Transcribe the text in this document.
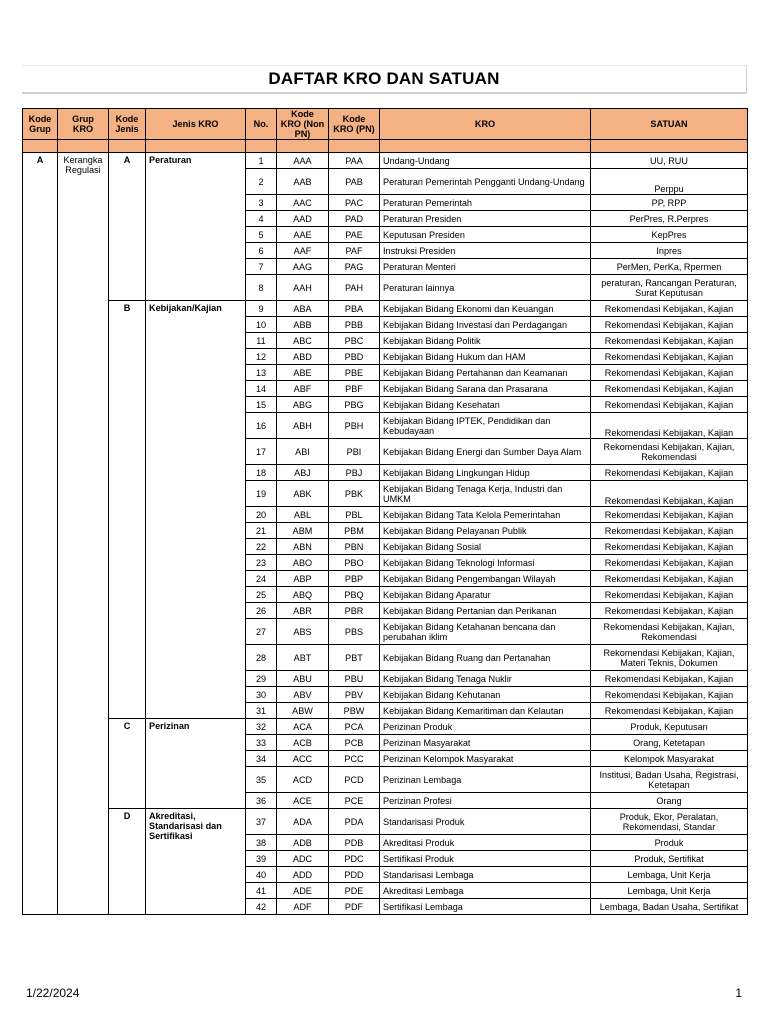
DAFTAR KRO DAN SATUAN
Kode Grup	Grup KRO	Kode Jenis	Jenis KRO	No.	Kode KRO (Non PN)	Kode KRO (PN)	KRO	SATUAN

A	Kerangka Regulasi	A	Peraturan	1	AAA	PAA	Undang-Undang	UU, RUU
				2	AAB	PAB	Peraturan Pemerintah Pengganti Undang-Undang	Perppu
				3	AAC	PAC	Peraturan Pemerintah	PP, RPP
				4	AAD	PAD	Peraturan Presiden	PerPres, R.Perpres
				5	AAE	PAE	Keputusan Presiden	KepPres
				6	AAF	PAF	Instruksi Presiden	Inpres
				7	AAG	PAG	Peraturan Menteri	PerMen, PerKa, Rpermen
				8	AAH	PAH	Peraturan lainnya	peraturan, Rancangan Peraturan, Surat Keputusan
		B	Kebijakan/Kajian	9	ABA	PBA	Kebijakan Bidang Ekonomi dan Keuangan	Rekomendasi Kebijakan, Kajian
				10	ABB	PBB	Kebijakan Bidang Investasi dan Perdagangan	Rekomendasi Kebijakan, Kajian
				11	ABC	PBC	Kebijakan Bidang Politik	Rekomendasi Kebijakan, Kajian
				12	ABD	PBD	Kebijakan Bidang Hukum dan HAM	Rekomendasi Kebijakan, Kajian
				13	ABE	PBE	Kebijakan Bidang Pertahanan dan Keamanan	Rekomendasi Kebijakan, Kajian
				14	ABF	PBF	Kebijakan Bidang Sarana dan Prasarana	Rekomendasi Kebijakan, Kajian
				15	ABG	PBG	Kebijakan Bidang Kesehatan	Rekomendasi Kebijakan, Kajian
				16	ABH	PBH	Kebijakan Bidang IPTEK, Pendidikan dan Kebudayaan	Rekomendasi Kebijakan, Kajian
				17	ABI	PBI	Kebijakan Bidang Energi dan Sumber Daya Alam	Rekomendasi Kebijakan, Kajian, Rekomendasi
				18	ABJ	PBJ	Kebijakan Bidang Lingkungan Hidup	Rekomendasi Kebijakan, Kajian
				19	ABK	PBK	Kebijakan Bidang Tenaga Kerja, Industri dan UMKM	Rekomendasi Kebijakan, Kajian
				20	ABL	PBL	Kebijakan Bidang Tata Kelola Pemerintahan	Rekomendasi Kebijakan, Kajian
				21	ABM	PBM	Kebijakan Bidang Pelayanan Publik	Rekomendasi Kebijakan, Kajian
				22	ABN	PBN	Kebijakan Bidang Sosial	Rekomendasi Kebijakan, Kajian
				23	ABO	PBO	Kebijakan Bidang Teknologi Informasi	Rekomendasi Kebijakan, Kajian
				24	ABP	PBP	Kebijakan Bidang Pengembangan Wilayah	Rekomendasi Kebijakan, Kajian
				25	ABQ	PBQ	Kebijakan Bidang Aparatur	Rekomendasi Kebijakan, Kajian
				26	ABR	PBR	Kebijakan Bidang Pertanian dan Perikanan	Rekomendasi Kebijakan, Kajian
				27	ABS	PBS	Kebijakan Bidang Ketahanan bencana dan perubahan iklim	Rekomendasi Kebijakan, Kajian, Rekomendasi
				28	ABT	PBT	Kebijakan Bidang Ruang dan Pertanahan	Rekomendasi Kebijakan, Kajian, Materi Teknis, Dokumen
				29	ABU	PBU	Kebijakan Bidang Tenaga Nuklir	Rekomendasi Kebijakan, Kajian
				30	ABV	PBV	Kebijakan Bidang Kehutanan	Rekomendasi Kebijakan, Kajian
				31	ABW	PBW	Kebijakan Bidang Kemaritiman dan Kelautan	Rekomendasi Kebijakan, Kajian
		C	Perizinan	32	ACA	PCA	Perizinan Produk	Produk, Keputusan
				33	ACB	PCB	Perizinan Masyarakat	Orang, Ketetapan
				34	ACC	PCC	Perizinan Kelompok Masyarakat	Kelompok Masyarakat
				35	ACD	PCD	Perizinan Lembaga	Institusi, Badan Usaha, Registrasi, Ketetapan
				36	ACE	PCE	Perizinan Profesi	Orang
		D	Akreditasi, Standarisasi dan Sertifikasi	37	ADA	PDA	Standarisasi Produk	Produk, Ekor, Peralatan, Rekomendasi, Standar
				38	ADB	PDB	Akreditasi Produk	Produk
				39	ADC	PDC	Sertifikasi Produk	Produk, Sertifikat
				40	ADD	PDD	Standarisasi Lembaga	Lembaga, Unit Kerja
				41	ADE	PDE	Akreditasi Lembaga	Lembaga, Unit Kerja
				42	ADF	PDF	Sertifikasi Lembaga	Lembaga, Badan Usaha, Sertifikat
1/22/2024	1
